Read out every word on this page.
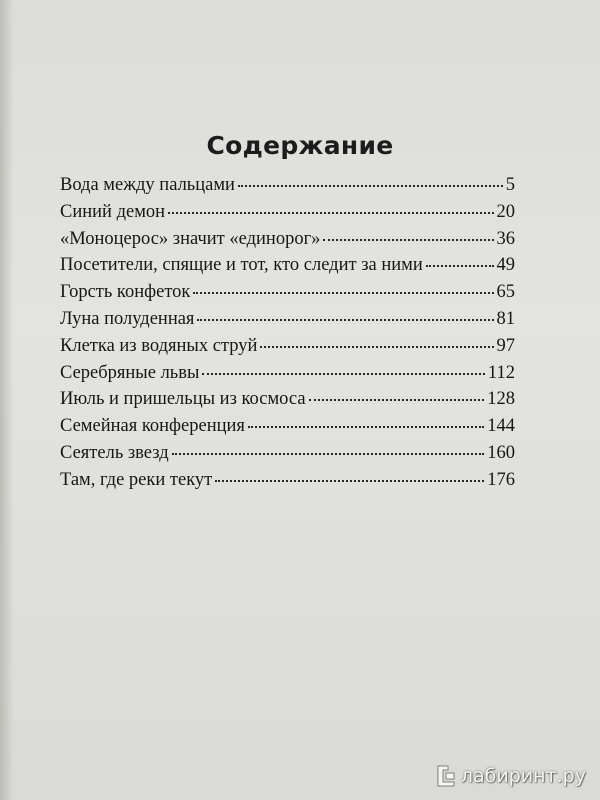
Содержание
Вода между пальцами	5
Синий демон	20
«Моноцерос» значит «единорог»	36
Посетители, спящие и тот, кто следит за ними	49
Горсть конфеток	65
Луна полуденная	81
Клетка из водяных струй	97
Серебряные львы	112
Июль и пришельцы из космоса	128
Семейная конференция	144
Сеятель звезд	160
Там, где реки текут	176
лабиринт.ру
